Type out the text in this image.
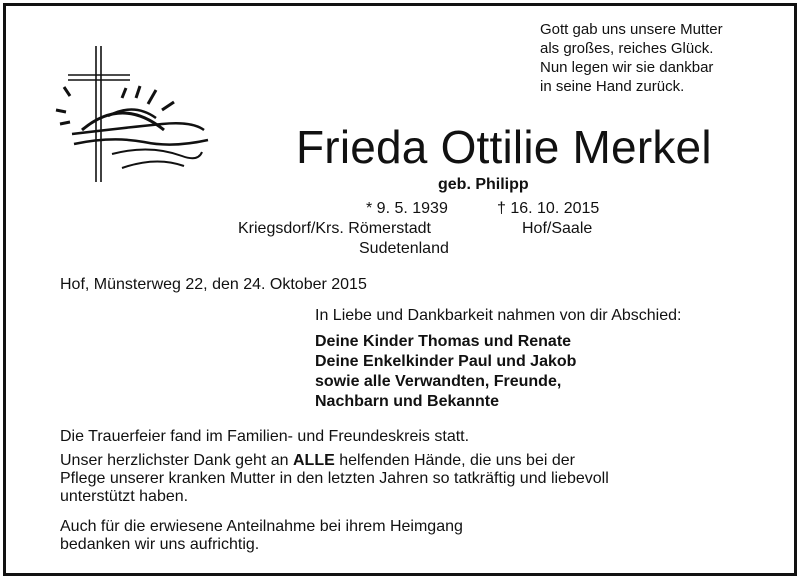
Gott gab uns unsere Mutter
als großes, reiches Glück.
Nun legen wir sie dankbar
in seine Hand zurück.
Frieda Ottilie Merkel
geb. Philipp
* 9. 5. 1939	† 16. 10. 2015
Kriegsdorf/Krs. Römerstadt
Sudetenland
Hof/Saale
Hof, Münsterweg 22, den 24. Oktober 2015
In Liebe und Dankbarkeit nahmen von dir Abschied:
Deine Kinder Thomas und Renate
Deine Enkelkinder Paul und Jakob
sowie alle Verwandten, Freunde,
Nachbarn und Bekannte
Die Trauerfeier fand im Familien- und Freundeskreis statt.
Unser herzlichster Dank geht an ALLE helfenden Hände, die uns bei der
Pflege unserer kranken Mutter in den letzten Jahren so tatkräftig und liebevoll
unterstützt haben.
Auch für die erwiesene Anteilnahme bei ihrem Heimgang
bedanken wir uns aufrichtig.
